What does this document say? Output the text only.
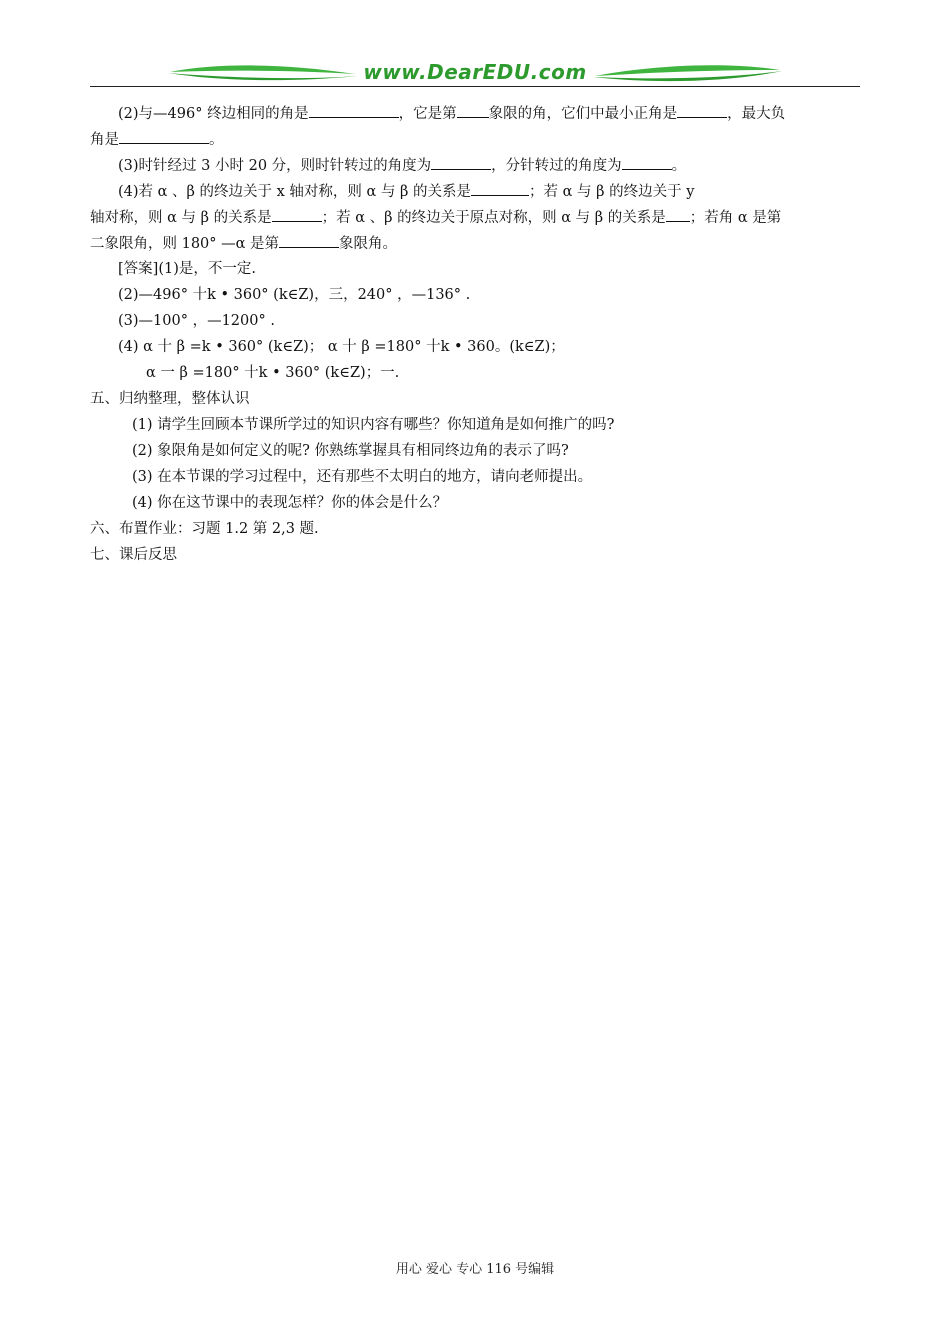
www.DearEDU.com
(2)与—496° 终边相同的角是	，它是第 象限的角，它们中最小正角是	，最大负
角是	。
(3)时针经过 3 小时 20 分，则时针转过的角度为	，分针转过的角度为	。
(4)若 α 、β 的终边关于 x 轴对称，则 α 与 β 的关系是	；若 α 与 β 的终边关于 y
轴对称，则 α 与 β 的关系是	；若 α 、β 的终边关于原点对称，则 α 与 β 的关系是 ；若角 α 是第
二象限角，则 180° —α 是第	象限角。
[答案](1)是，不一定.
(2)—496° 十k • 360° (k∈Z)，三，240° ，—136° .
(3)—100° ，—1200° .
(4) α 十 β =k • 360° (k∈Z)； α 十 β =180° 十k • 360。(k∈Z)；
α 一 β =180° 十k • 360° (k∈Z)；一.
五、归纳整理，整体认识
(1) 请学生回顾本节课所学过的知识内容有哪些？你知道角是如何推广的吗?
(2) 象限角是如何定义的呢? 你熟练掌握具有相同终边角的表示了吗?
(3) 在本节课的学习过程中，还有那些不太明白的地方，请向老师提出。
(4) 你在这节课中的表现怎样？你的体会是什么？
六、布置作业：习题 1.2 第 2,3 题.
七、课后反思
用心 爱心 专心 116 号编辑
